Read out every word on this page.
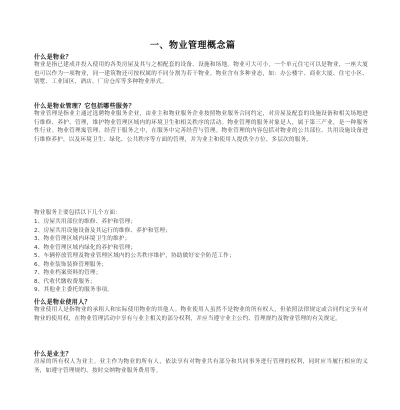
一、物业管理概念篇
什么是物业？
物业是指已建成并投入使用的各类房屋及其与之相配套的设备、设施和场地。物业可大可小，一个单元住宅可以是物业，一座大厦也可以作为一项物业，同一建筑物还可按权属的不同分割为若干物业。物业含有多种业态，如：办公楼宇、商业大厦、住宅小区、别墅、工业园区、酒店、厂房仓库等多种物业形式。
什么是物业管理？它包括哪些服务？
物业管理是指业主通过选聘物业服务企业，由业主和物业服务企业按照物业服务合同约定，对房屋及配套的设施设备和相关场地进行维修、养护、管理，维护物业管理区域内的环境卫生和相关秩序的活动。物业管理的服务对象是人，属于第三产业，是一种服务性行业。物业管理寓管理、经营于服务之中，在服务中完善经营与管理。物业管理的内容包括对物业的公共部位、共用设施设备进行维修养护，以及环境卫生、绿化、公共秩序等方面的管理，并为业主和使用人提供全方位、多层次的服务。
物业服务主要包括以下几个方面：
1、房屋共用部位的维修、养护和管理；
2、房屋共用设施设备及其运行的维修、养护和管理；
3、物业管理区域内环境卫生的维护；
4、物业管理区域内绿化的养护和管理；
5、车辆停放管理及物业管理区域内的公共秩序维护，协助做好安全防范工作；
6、物业装饰装修管理服务；
7、物业档案资料的管理；
8、代收代缴收费服务；
9、其他业主委托的服务事项。
什么是物业使用人？
物业使用人是指物业的承租人和实际使用物业的其他人。物业使用人虽然不是物业的所有权人，但依照法律规定或合同约定享有对物业的使用权，在物业管理活动中享有与业主相关的部分权利，并应当遵守业主公约、管理规约及物业管理的有关规定。
什么是业主？
房屋的所有权人为业主。业主作为物业的所有人，依法享有对物业共有部分和共同事务进行管理的权利，同时应当履行相应的义务，如遵守管理规约、按时交纳物业服务费用等。
